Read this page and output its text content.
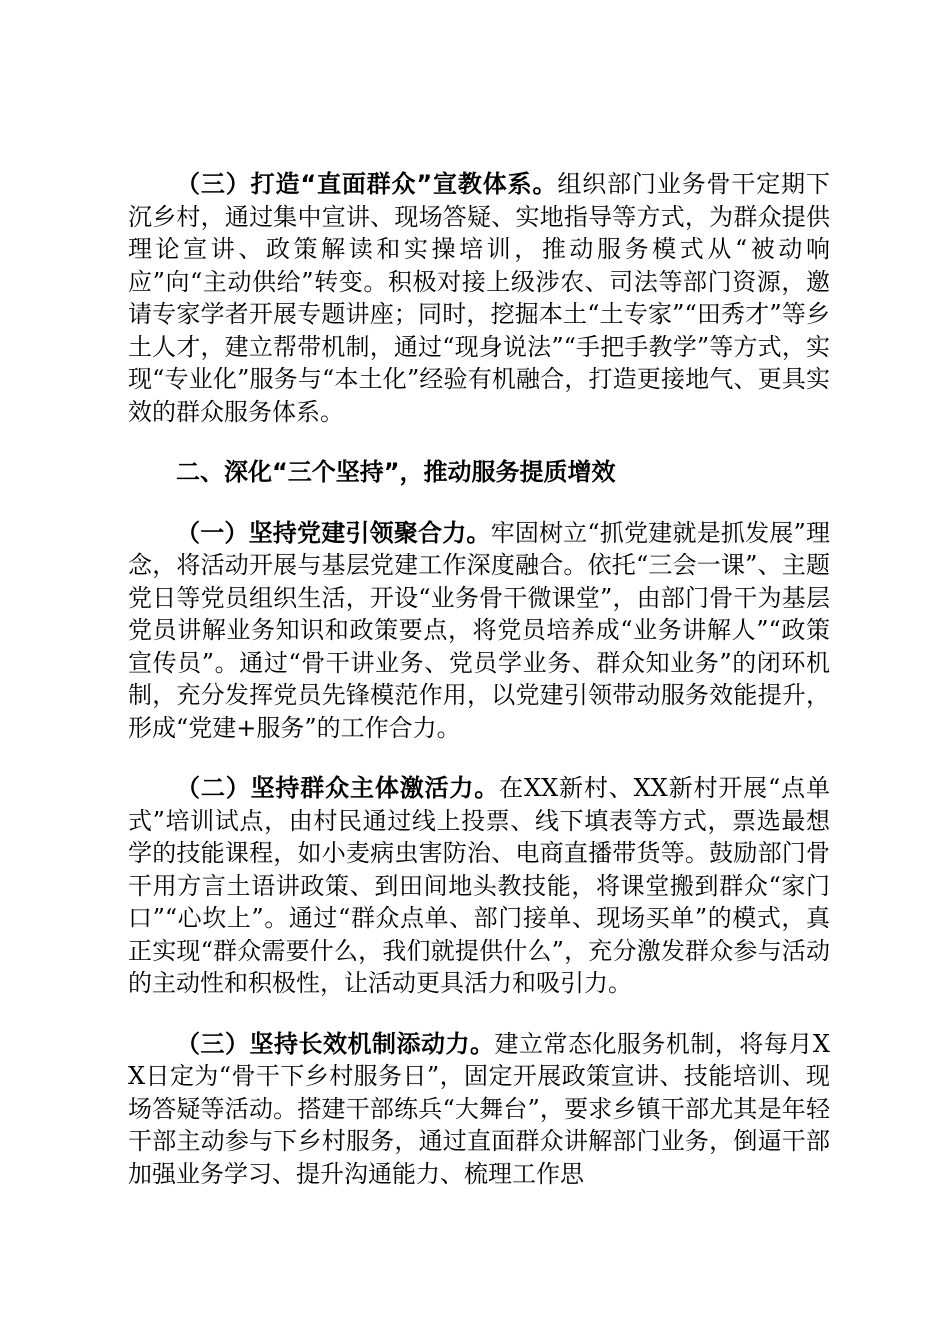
（三）打造“直面群众”宣教体系。组织部门业务骨干定期下沉乡村，通过集中宣讲、现场答疑、实地指导等方式，为群众提供理论宣讲、政策解读和实操培训，推动服务模式从“被动响应”向“主动供给”转变。积极对接上级涉农、司法等部门资源，邀请专家学者开展专题讲座；同时，挖掘本土“土专家”“田秀才”等乡土人才，建立帮带机制，通过“现身说法”“手把手教学”等方式，实现“专业化”服务与“本土化”经验有机融合，打造更接地气、更具实效的群众服务体系。

二、深化“三个坚持”，推动服务提质增效

（一）坚持党建引领聚合力。牢固树立“抓党建就是抓发展”理念，将活动开展与基层党建工作深度融合。依托“三会一课”、主题党日等党员组织生活，开设“业务骨干微课堂”，由部门骨干为基层党员讲解业务知识和政策要点，将党员培养成“业务讲解人”“政策宣传员”。通过“骨干讲业务、党员学业务、群众知业务”的闭环机制，充分发挥党员先锋模范作用，以党建引领带动服务效能提升，形成“党建+服务”的工作合力。

（二）坚持群众主体激活力。在XX新村、XX新村开展“点单式”培训试点，由村民通过线上投票、线下填表等方式，票选最想学的技能课程，如小麦病虫害防治、电商直播带货等。鼓励部门骨干用方言土语讲政策、到田间地头教技能，将课堂搬到群众“家门口”“心坎上”。通过“群众点单、部门接单、现场买单”的模式，真正实现“群众需要什么，我们就提供什么”，充分激发群众参与活动的主动性和积极性，让活动更具活力和吸引力。

（三）坚持长效机制添动力。建立常态化服务机制，将每月XX日定为“骨干下乡村服务日”，固定开展政策宣讲、技能培训、现场答疑等活动。搭建干部练兵“大舞台”，要求乡镇干部尤其是年轻干部主动参与下乡村服务，通过直面群众讲解部门业务，倒逼干部加强业务学习、提升沟通能力、梳理工作思
